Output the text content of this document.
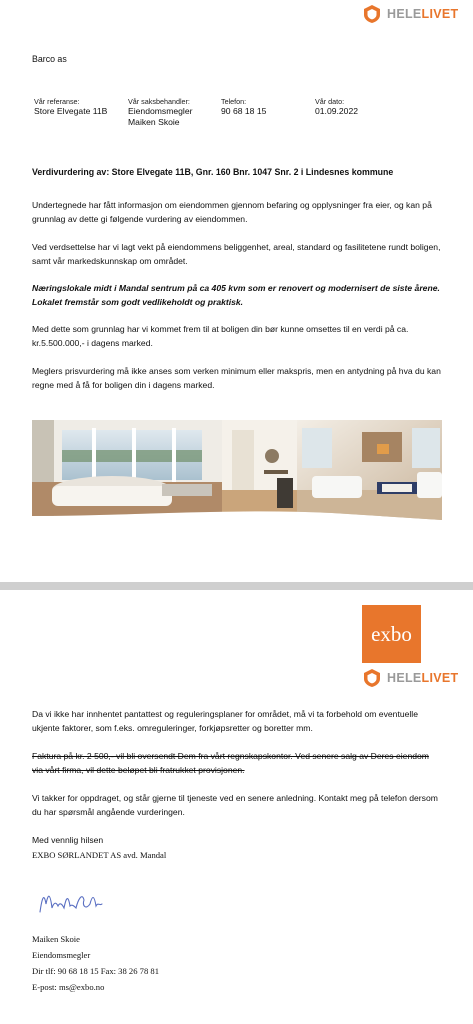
HELELIVET
Barco as
Vår referanse:
Store Elvegate 11B
Vår saksbehandler:
Eiendomsmegler
Maiken Skoie
Telefon:
90 68 18 15
Vår dato:
01.09.2022
Verdivurdering av: Store Elvegate 11B, Gnr. 160 Bnr. 1047 Snr. 2 i Lindesnes kommune
Undertegnede har fått informasjon om eiendommen gjennom befaring og opplysninger fra eier, og kan på grunnlag av dette gi følgende vurdering av eiendommen.
Ved verdsettelse har vi lagt vekt på eiendommens beliggenhet, areal, standard og fasilitetene rundt boligen, samt vår markedskunnskap om området.
Næringslokale midt i Mandal sentrum på ca 405 kvm som er renovert og modernisert de siste årene. Lokalet fremstår som godt vedlikeholdt og praktisk.
Med dette som grunnlag har vi kommet frem til at boligen din bør kunne omsettes til en verdi på ca. kr.5.500.000,- i dagens marked.
Meglers prisvurdering må ikke anses som verken minimum eller makspris, men en antydning på hva du kan regne med å få for boligen din i dagens marked.
exbo
HELELIVET
Da vi ikke har innhentet pantattest og reguleringsplaner for området, må vi ta forbehold om eventuelle ukjente faktorer, som f.eks. omreguleringer, forkjøpsretter og boretter mm.
Faktura på kr. 2 500,- vil bli oversendt Dem fra vårt regnskapskontor. Ved senere salg av Deres eiendom via vårt firma, vil dette beløpet bli fratrukket provisjonen.
Vi takker for oppdraget, og står gjerne til tjeneste ved en senere anledning. Kontakt meg på telefon dersom du har spørsmål angående vurderingen.
Med vennlig hilsen
EXBO SØRLANDET AS avd. Mandal
Maiken Skoie
Eiendomsmegler
Dir tlf: 90 68 18 15 Fax: 38 26 78 81
E-post: ms@exbo.no
